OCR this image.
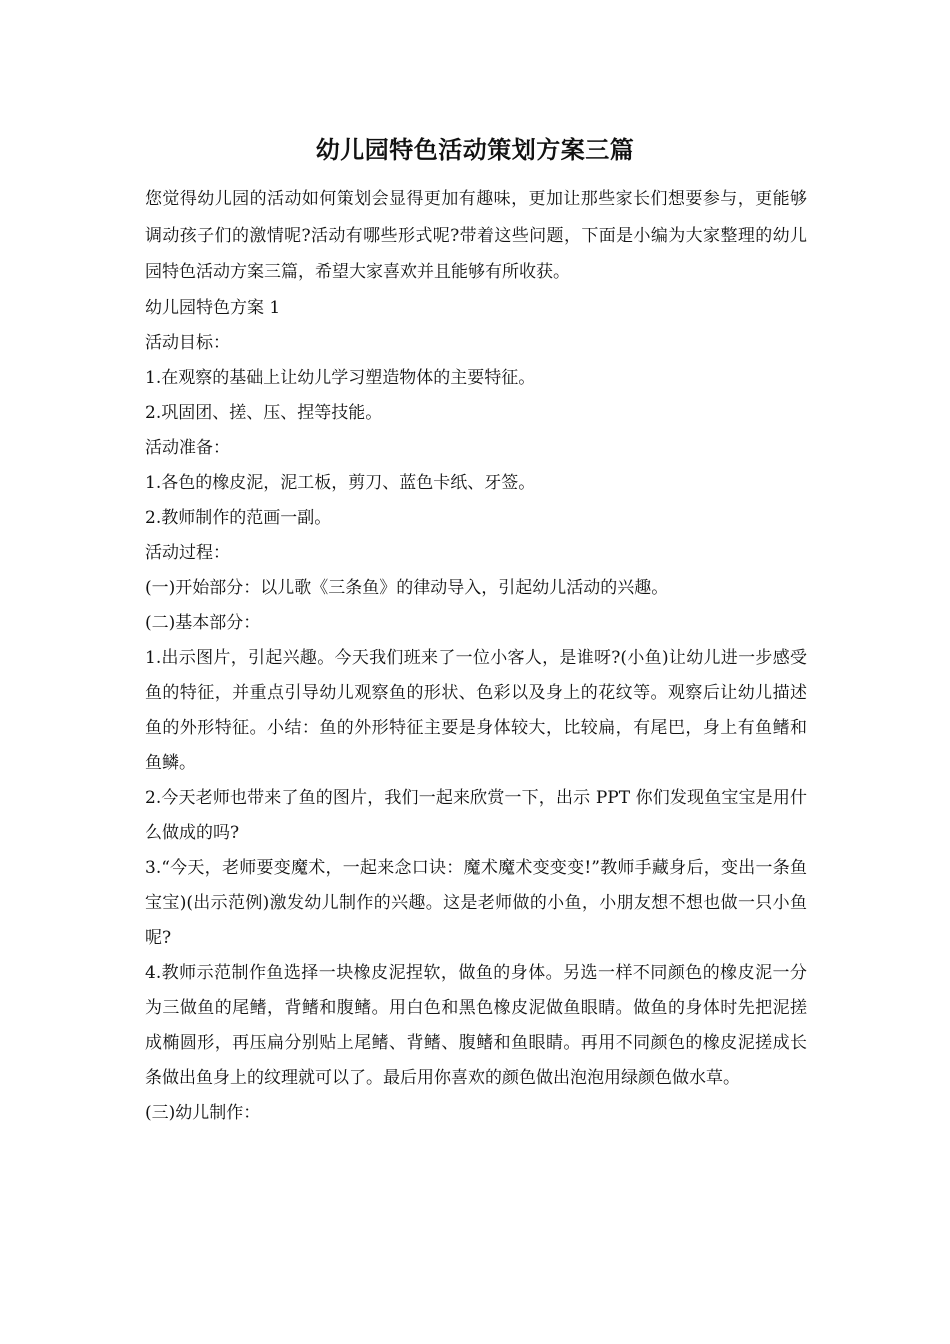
幼儿园特色活动策划方案三篇

您觉得幼儿园的活动如何策划会显得更加有趣味，更加让那些家长们想要参与，更能够调动孩子们的激情呢?活动有哪些形式呢?带着这些问题，下面是小编为大家整理的幼儿园特色活动方案三篇，希望大家喜欢并且能够有所收获。

幼儿园特色方案 1

活动目标：

1.在观察的基础上让幼儿学习塑造物体的主要特征。

2.巩固团、搓、压、捏等技能。

活动准备：

1.各色的橡皮泥，泥工板，剪刀、蓝色卡纸、牙签。

2.教师制作的范画一副。

活动过程：

(一)开始部分：以儿歌《三条鱼》的律动导入，引起幼儿活动的兴趣。

(二)基本部分：

1.出示图片，引起兴趣。今天我们班来了一位小客人，是谁呀?(小鱼)让幼儿进一步感受鱼的特征，并重点引导幼儿观察鱼的形状、色彩以及身上的花纹等。观察后让幼儿描述鱼的外形特征。小结：鱼的外形特征主要是身体较大，比较扁，有尾巴，身上有鱼鳍和鱼鳞。

2.今天老师也带来了鱼的图片，我们一起来欣赏一下，出示 PPT 你们发现鱼宝宝是用什么做成的吗?

3.“今天，老师要变魔术，一起来念口诀：魔术魔术变变变!”教师手藏身后，变出一条鱼宝宝)(出示范例)激发幼儿制作的兴趣。这是老师做的小鱼，小朋友想不想也做一只小鱼呢?

4.教师示范制作鱼选择一块橡皮泥捏软，做鱼的身体。另选一样不同颜色的橡皮泥一分为三做鱼的尾鳍，背鳍和腹鳍。用白色和黑色橡皮泥做鱼眼睛。做鱼的身体时先把泥搓成椭圆形，再压扁分别贴上尾鳍、背鳍、腹鳍和鱼眼睛。再用不同颜色的橡皮泥搓成长条做出鱼身上的纹理就可以了。最后用你喜欢的颜色做出泡泡用绿颜色做水草。

(三)幼儿制作：
